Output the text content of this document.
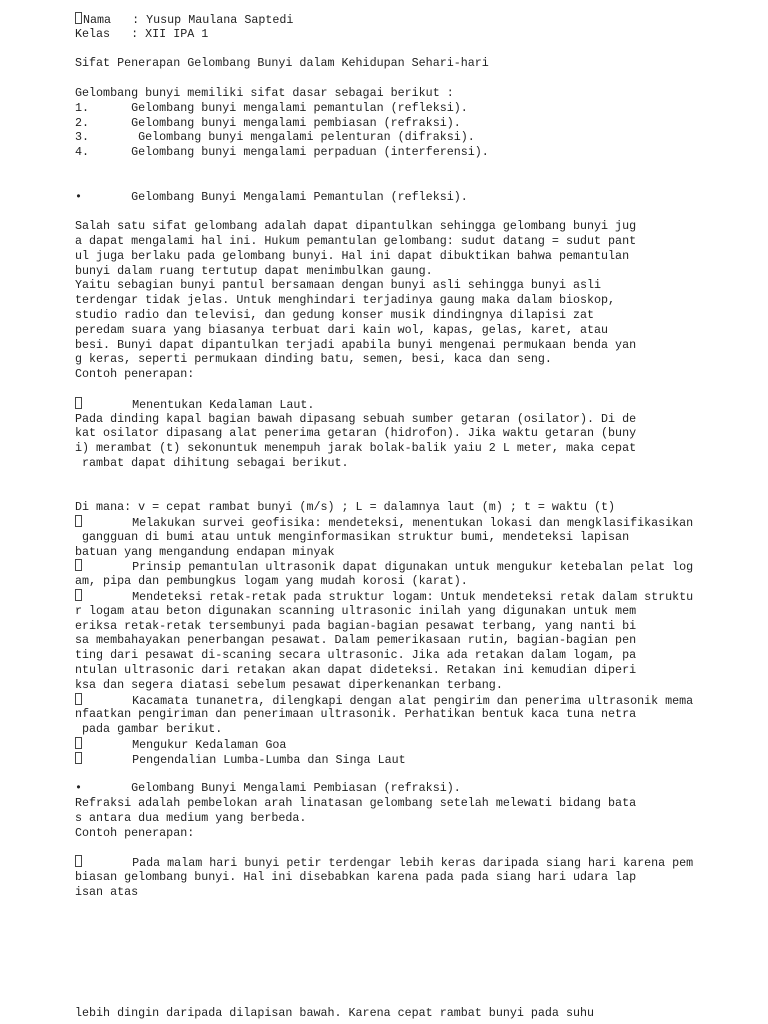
Nama   : Yusup Maulana Saptedi
Kelas   : XII IPA 1
Sifat Penerapan Gelombang Bunyi dalam Kehidupan Sehari-hari
Gelombang bunyi memiliki sifat dasar sebagai berikut :
1.      Gelombang bunyi mengalami pemantulan (refleksi).
2.      Gelombang bunyi mengalami pembiasan (refraksi).
3.       Gelombang bunyi mengalami pelenturan (difraksi).
4.      Gelombang bunyi mengalami perpaduan (interferensi).
•       Gelombang Bunyi Mengalami Pemantulan (refleksi).
Salah satu sifat gelombang adalah dapat dipantulkan sehingga gelombang bunyi jug
a dapat mengalami hal ini. Hukum pemantulan gelombang: sudut datang = sudut pant
ul juga berlaku pada gelombang bunyi. Hal ini dapat dibuktikan bahwa pemantulan
bunyi dalam ruang tertutup dapat menimbulkan gaung.
Yaitu sebagian bunyi pantul bersamaan dengan bunyi asli sehingga bunyi asli
terdengar tidak jelas. Untuk menghindari terjadinya gaung maka dalam bioskop,
studio radio dan televisi, dan gedung konser musik dindingnya dilapisi zat
peredam suara yang biasanya terbuat dari kain wol, kapas, gelas, karet, atau
besi. Bunyi dapat dipantulkan terjadi apabila bunyi mengenai permukaan benda yan
g keras, seperti permukaan dinding batu, semen, besi, kaca dan seng.
Contoh penerapan:
Menentukan Kedalaman Laut.
Pada dinding kapal bagian bawah dipasang sebuah sumber getaran (osilator). Di de
kat osilator dipasang alat penerima getaran (hidrofon). Jika waktu getaran (buny
i) merambat (t) sekonuntuk menempuh jarak bolak-balik yaiu 2 L meter, maka cepat
rambat dapat dihitung sebagai berikut.
Di mana: v = cepat rambat bunyi (m/s) ; L = dalamnya laut (m) ; t = waktu (t)
Melakukan survei geofisika: mendeteksi, menentukan lokasi dan mengklasifikasikan
gangguan di bumi atau untuk menginformasikan struktur bumi, mendeteksi lapisan
batuan yang mengandung endapan minyak
Prinsip pemantulan ultrasonik dapat digunakan untuk mengukur ketebalan pelat log
am, pipa dan pembungkus logam yang mudah korosi (karat).
Mendeteksi retak-retak pada struktur logam: Untuk mendeteksi retak dalam struktu
r logam atau beton digunakan scanning ultrasonic inilah yang digunakan untuk mem
eriksa retak-retak tersembunyi pada bagian-bagian pesawat terbang, yang nanti bi
sa membahayakan penerbangan pesawat. Dalam pemerikasaan rutin, bagian-bagian pen
ting dari pesawat di-scaning secara ultrasonic. Jika ada retakan dalam logam, pa
ntulan ultrasonic dari retakan akan dapat dideteksi. Retakan ini kemudian diperi
ksa dan segera diatasi sebelum pesawat diperkenankan terbang.
Kacamata tunanetra, dilengkapi dengan alat pengirim dan penerima ultrasonik mema
nfaatkan pengiriman dan penerimaan ultrasonik. Perhatikan bentuk kaca tuna netra
pada gambar berikut.
Mengukur Kedalaman Goa
Pengendalian Lumba-Lumba dan Singa Laut
•       Gelombang Bunyi Mengalami Pembiasan (refraksi).
Refraksi adalah pembelokan arah linatasan gelombang setelah melewati bidang bata
s antara dua medium yang berbeda.
Contoh penerapan:
Pada malam hari bunyi petir terdengar lebih keras daripada siang hari karena pem
biasan gelombang bunyi. Hal ini disebabkan karena pada pada siang hari udara lap
isan atas
lebih dingin daripada dilapisan bawah. Karena cepat rambat bunyi pada suhu
